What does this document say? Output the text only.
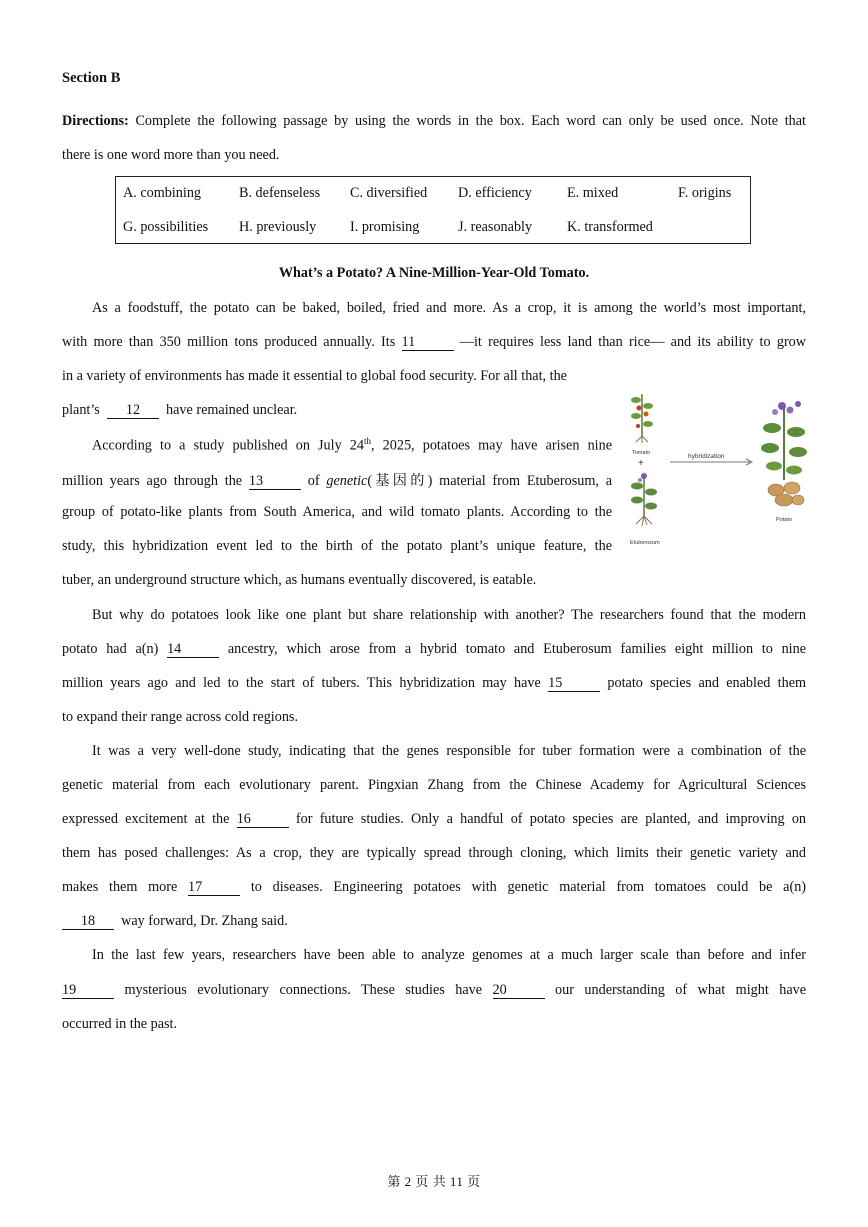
Section B
Directions: Complete the following passage by using the words in the box. Each word can only be used once. Note that
there is one word more than you need.
A. combining	B. defenseless C. diversified D. efficiency E. mixed	F. origins
G. possibilities H. previously I. promising	J. reasonably K. transformed
What’s a Potato? A Nine-Million-Year-Old Tomato.
As a foodstuff, the potato can be baked, boiled, fried and more. As a crop, it is among the world’s most important,
with more than 350 million tons produced annually. Its 11	—it requires less land than rice— and its ability to grow
in a variety of environments has made it essential to global food security. For all that, the
plant’s 12 have remained unclear.
According to a study published on July 24th, 2025, potatoes may have arisen nine
million years ago through the 13	of genetic(基因的) material from Etuberosum, a
group of potato-like plants from South America, and wild tomato plants. According to the
study, this hybridization event led to the birth of the potato plant’s unique feature, the
tuber, an underground structure which, as humans eventually discovered, is eatable.
Tomato
+
Etuberosum
hybridization
Potato
But why do potatoes look like one plant but share relationship with another? The researchers found that the modern
potato had a(n) 14	ancestry, which arose from a hybrid tomato and Etuberosum families eight million to nine
million years ago and led to the start of tubers. This hybridization may have 15	potato species and enabled them
to expand their range across cold regions.
It was a very well-done study, indicating that the genes responsible for tuber formation were a combination of the
genetic material from each evolutionary parent. Pingxian Zhang from the Chinese Academy for Agricultural Sciences
expressed excitement at the 16	for future studies. Only a handful of potato species are planted, and improving on
them has posed challenges: As a crop, they are typically spread through cloning, which limits their genetic variety and
makes them more 17	to diseases. Engineering potatoes with genetic material from tomatoes could be a(n)
18 way forward, Dr. Zhang said.
In the last few years, researchers have been able to analyze genomes at a much larger scale than before and infer
19	mysterious evolutionary connections. These studies have 20	our understanding of what might have
occurred in the past.
第 2 页 共 11 页
